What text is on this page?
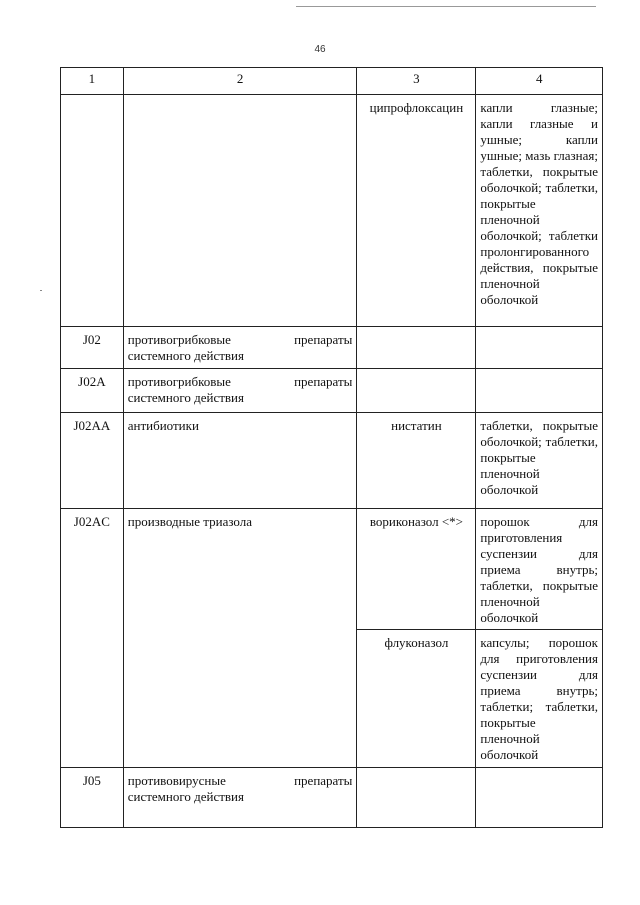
46
1	2	3	4
		ципрофлоксацин	капли глазные; капли глазные и ушные; капли ушные; мазь глазная; таблетки, покрытые оболочкой; таблетки, покрытые пленочной оболочкой; таблетки пролонгированного действия, покрытые пленочной оболочкой
J02	противогрибковые препараты системного действия		
J02A	противогрибковые препараты системного действия		
J02AA	антибиотики	нистатин	таблетки, покрытые оболочкой; таблетки, покрытые пленочной оболочкой
J02AC	производные триазола	вориконазол <*>	порошок для приготовления суспензии для приема внутрь; таблетки, покрытые пленочной оболочкой
		флуконазол	капсулы; порошок для приготовления суспензии для приема внутрь; таблетки; таблетки, покрытые пленочной оболочкой
J05	противовирусные препараты системного действия		
